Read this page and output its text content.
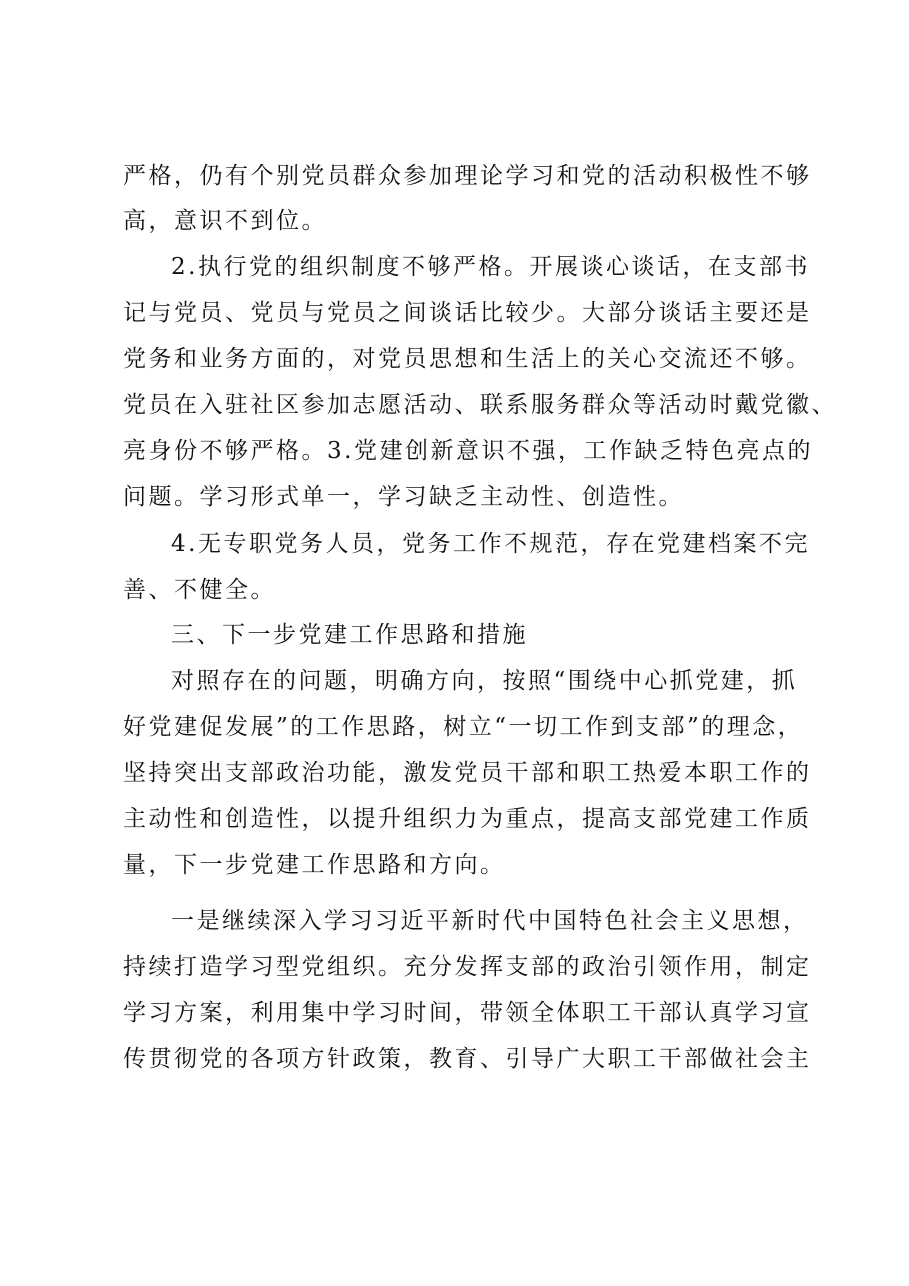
严格，仍有个别党员群众参加理论学习和党的活动积极性不够
高，意识不到位。
2.执行党的组织制度不够严格。开展谈心谈话，在支部书
记与党员、党员与党员之间谈话比较少。大部分谈话主要还是
党务和业务方面的，对党员思想和生活上的关心交流还不够。
党员在入驻社区参加志愿活动、联系服务群众等活动时戴党徽、
亮身份不够严格。3.党建创新意识不强，工作缺乏特色亮点的
问题。学习形式单一，学习缺乏主动性、创造性。
4.无专职党务人员，党务工作不规范，存在党建档案不完
善、不健全。
三、下一步党建工作思路和措施
对照存在的问题，明确方向，按照“围绕中心抓党建，抓
好党建促发展”的工作思路，树立“一切工作到支部”的理念，
坚持突出支部政治功能，激发党员干部和职工热爱本职工作的
主动性和创造性，以提升组织力为重点，提高支部党建工作质
量，下一步党建工作思路和方向。
一是继续深入学习习近平新时代中国特色社会主义思想，
持续打造学习型党组织。充分发挥支部的政治引领作用，制定
学习方案，利用集中学习时间，带领全体职工干部认真学习宣
传贯彻党的各项方针政策，教育、引导广大职工干部做社会主
